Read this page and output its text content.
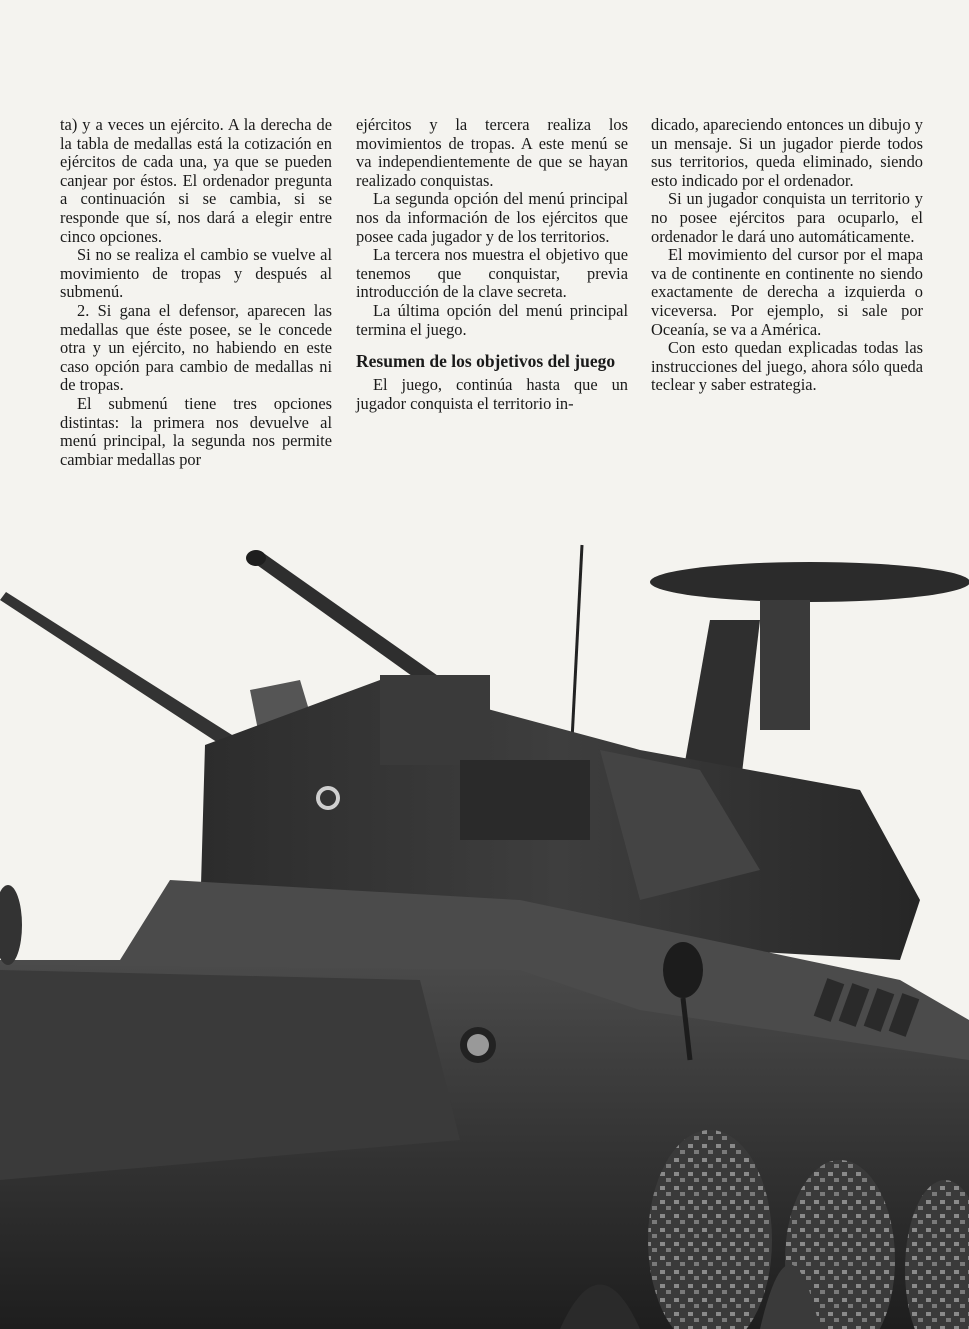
ta) y a veces un ejército. A la derecha de la tabla de medallas está la cotización en ejércitos de cada una, ya que se pueden canjear por éstos. El ordenador pregunta a continuación si se cambia, si se responde que sí, nos dará a elegir entre cinco opciones.

Si no se realiza el cambio se vuelve al movimiento de tropas y después al submenú.

2. Si gana el defensor, aparecen las medallas que éste posee, se le concede otra y un ejército, no habiendo en este caso opción para cambio de medallas ni de tropas.

El submenú tiene tres opciones distintas: la primera nos devuelve al menú principal, la segunda nos permite cambiar medallas por

ejércitos y la tercera realiza los movimientos de tropas. A este menú se va independientemente de que se hayan realizado conquistas.

La segunda opción del menú principal nos da información de los ejércitos que posee cada jugador y de los territorios.

La tercera nos muestra el objetivo que tenemos que conquistar, previa introducción de la clave secreta.

La última opción del menú principal termina el juego.

Resumen de los objetivos del juego

El juego, continúa hasta que un jugador conquista el territorio in-

dicado, apareciendo entonces un dibujo y un mensaje. Si un jugador pierde todos sus territorios, queda eliminado, siendo esto indicado por el ordenador.

Si un jugador conquista un territorio y no posee ejércitos para ocuparlo, el ordenador le dará uno automáticamente.

El movimiento del cursor por el mapa va de continente en continente no siendo exactamente de derecha a izquierda o viceversa. Por ejemplo, si sale por Oceanía, se va a América.

Con esto quedan explicadas todas las instrucciones del juego, ahora sólo queda teclear y saber estrategia.
